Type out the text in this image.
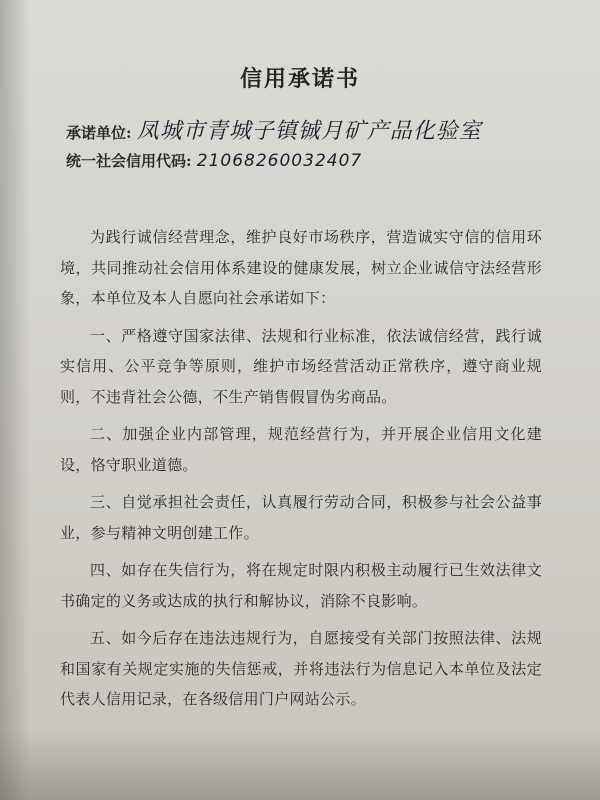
信用承诺书
承诺单位: 凤城市青城子镇铖月矿产品化验室
统一社会信用代码: 21068260032407

为践行诚信经营理念，维护良好市场秩序，营造诚实守信的信用环境，共同推动社会信用体系建设的健康发展，树立企业诚信守法经营形象，本单位及本人自愿向社会承诺如下：

一、严格遵守国家法律、法规和行业标准，依法诚信经营，践行诚实信用、公平竞争等原则，维护市场经营活动正常秩序，遵守商业规则，不违背社会公德，不生产销售假冒伪劣商品。

二、加强企业内部管理，规范经营行为，并开展企业信用文化建设，恪守职业道德。

三、自觉承担社会责任，认真履行劳动合同，积极参与社会公益事业，参与精神文明创建工作。

四、如存在失信行为，将在规定时限内积极主动履行已生效法律文书确定的义务或达成的执行和解协议，消除不良影响。

五、如今后存在违法违规行为，自愿接受有关部门按照法律、法规和国家有关规定实施的失信惩戒，并将违法行为信息记入本单位及法定代表人信用记录，在各级信用门户网站公示。
